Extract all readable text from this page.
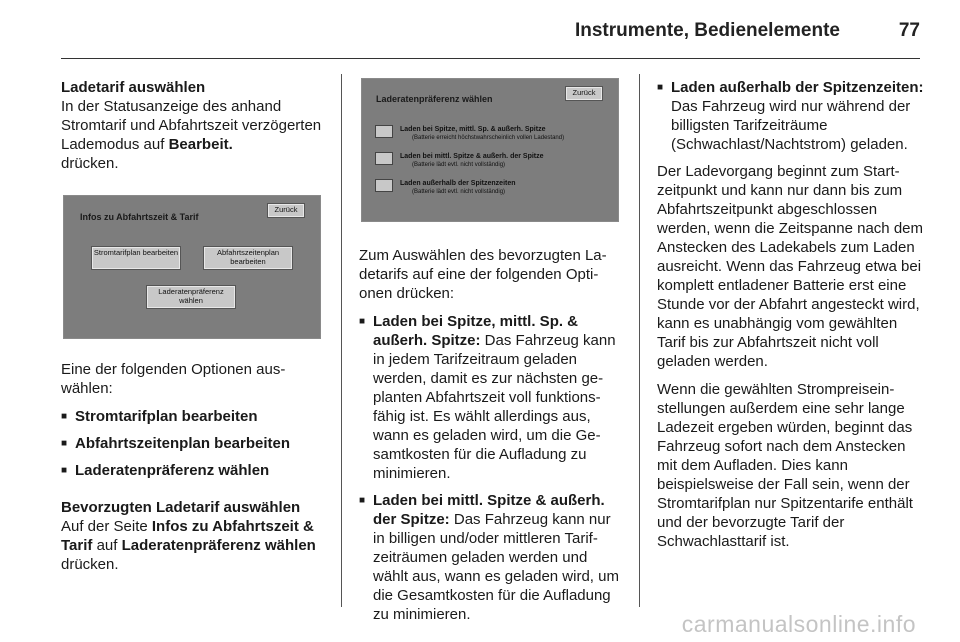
Instrumente, Bedienelemente	77
Ladetarif auswählen

In der Statusanzeige des anhand Stromtarif und Abfahrtszeit verzögerten Lademodus auf Bearbeit.
drücken.

Infos zu Abfahrtszeit & Tarif
Zurück
Stromtarifplan bearbeiten	Abfahrtszeitenplan bearbeiten
Laderatenpräferenz wählen

Eine der folgenden Optionen auswählen:

■ Stromtarifplan bearbeiten
■ Abfahrtszeitenplan bearbeiten
■ Laderatenpräferenz wählen
Bevorzugten Ladetarif auswählen

Auf der Seite Infos zu Abfahrtszeit & Tarif auf Laderatenpräferenz wählen drücken.

Laderatenpräferenz wählen
Zurück
Laden bei Spitze, mittl. Sp. & außerh. Spitze
(Batterie erreicht höchstwahrscheinlich vollen Ladestand)
Laden bei mittl. Spitze & außerh. der Spitze
(Batterie lädt evtl. nicht vollständig)
Laden außerhalb der Spitzenzeiten
(Batterie lädt evtl. nicht vollständig)

Zum Auswählen des bevorzugten Ladetarifs auf eine der folgenden Optionen drücken:

■ Laden bei Spitze, mittl. Sp. & außerh. Spitze: Das Fahrzeug kann in jedem Tarifzeitraum geladen werden, damit es zur nächsten geplanten Abfahrtszeit voll funktionsfähig ist. Es wählt allerdings aus, wann es geladen wird, um die Gesamtkosten für die Aufladung zu minimieren.
■ Laden bei mittl. Spitze & außerh. der Spitze: Das Fahrzeug kann nur in billigen und/oder mittleren Tarifzeiträumen geladen werden und wählt aus, wann es geladen wird, um die Gesamtkosten für die Aufladung zu minimieren.
■ Laden außerhalb der Spitzenzeiten: Das Fahrzeug wird nur während der billigsten Tarifzeiträume (Schwachlast/Nachtstrom) geladen.

Der Ladevorgang beginnt zum Startzeitpunkt und kann nur dann bis zum Abfahrtszeitpunkt abgeschlossen werden, wenn die Zeitspanne nach dem Anstecken des Ladekabels zum Laden ausreicht. Wenn das Fahrzeug etwa bei komplett entladener Batterie erst eine Stunde vor der Abfahrt angesteckt wird, kann es unabhängig vom gewählten Tarif bis zur Abfahrtszeit nicht voll geladen werden.

Wenn die gewählten Strompreiseinstellungen außerdem eine sehr lange Ladezeit ergeben würden, beginnt das Fahrzeug sofort nach dem Anstecken mit dem Aufladen. Dies kann beispielsweise der Fall sein, wenn der Stromtarifplan nur Spitzentarife enthält und der bevorzugte Tarif der Schwachlasttarif ist.

carmanualsonline.info
